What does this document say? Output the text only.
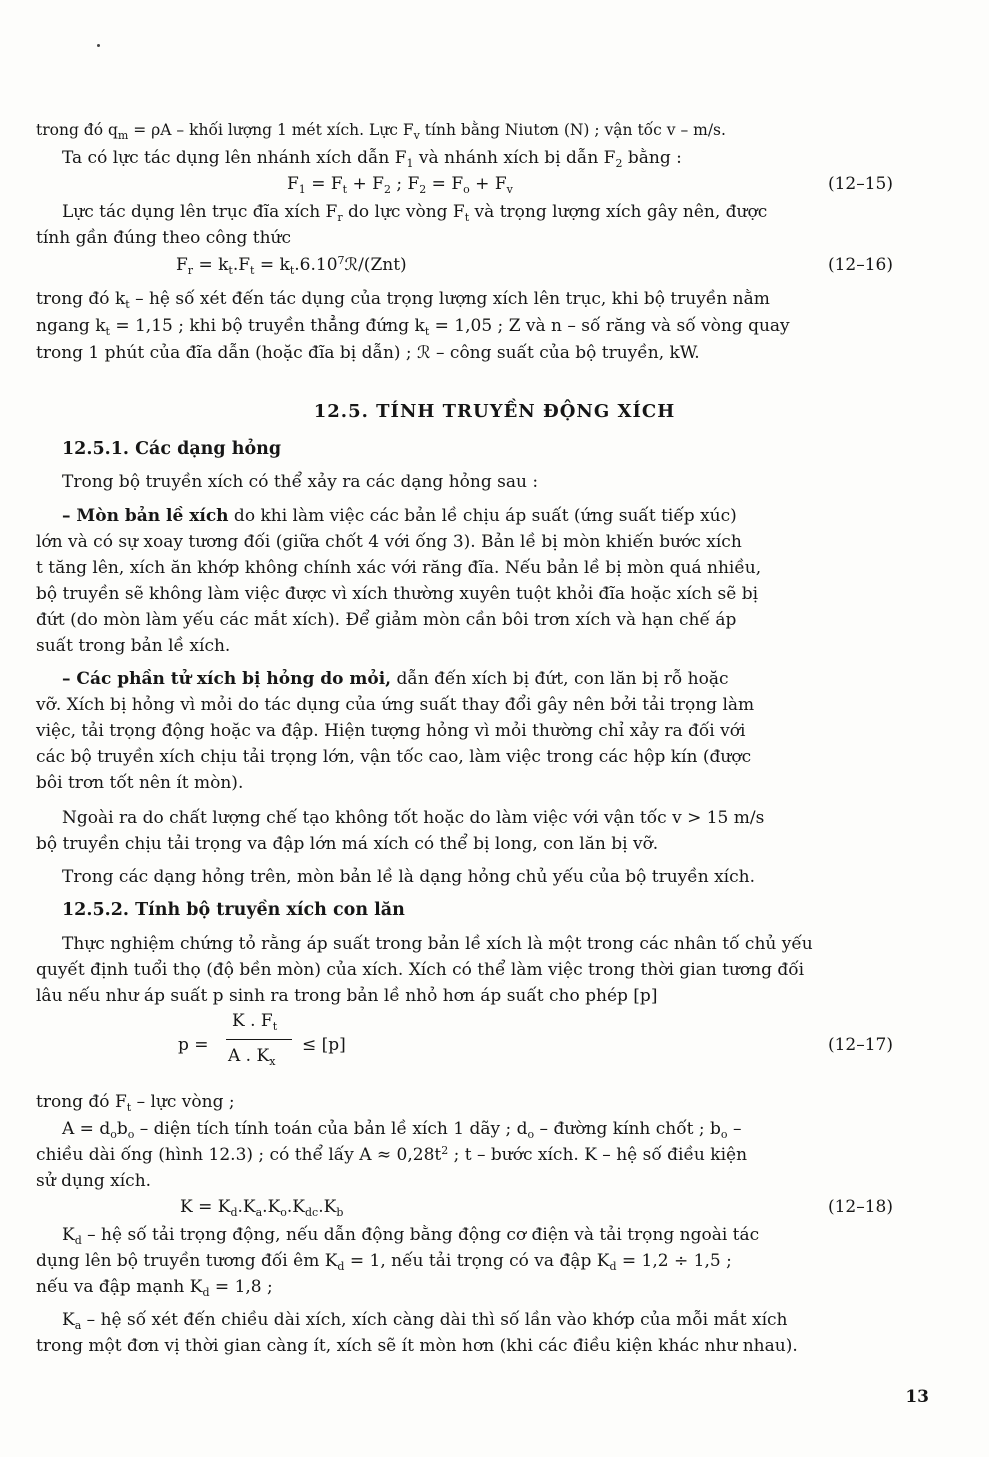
trong đó $q_m = \rho A$ – khối lượng 1 mét xích. Lực $F_v$ tính bằng Niutơn (N) ; vận tốc v – m/s.
Ta có lực tác dụng lên nhánh xích dẫn $F_1$ và nhánh xích bị dẫn $F_2$ bằng :
$F_1 = F_t + F_2$ ; $F_2 = F_o + F_v$	(12–15)
Lực tác dụng lên trục đĩa xích $F_r$ do lực vòng $F_t$ và trọng lượng xích gây nên, được
tính gần đúng theo công thức
$F_r = k_t.F_t$ = $k_t.6.10^7ℛ/(Znt)$	(12–16)
trong đó $k_t$ – hệ số xét đến tác dụng của trọng lượng xích lên trục, khi bộ truyền nằm
ngang $k_t = 1,15$ ; khi bộ truyền thẳng đứng $k_t = 1,05$ ; Z và n – số răng và số vòng quay
trong 1 phút của đĩa dẫn (hoặc đĩa bị dẫn) ; ℛ – công suất của bộ truyền, kW.
12.5. TÍNH TRUYỀN ĐỘNG XÍCH
12.5.1. Các dạng hỏng
Trong bộ truyền xích có thể xảy ra các dạng hỏng sau :
– Mòn bản lề xích do khi làm việc các bản lề chịu áp suất (ứng suất tiếp xúc)
lớn và có sự xoay tương đối (giữa chốt 4 với ống 3). Bản lề bị mòn khiến bước xích
t tăng lên, xích ăn khớp không chính xác với răng đĩa. Nếu bản lề bị mòn quá nhiều,
bộ truyền sẽ không làm việc được vì xích thường xuyên tuột khỏi đĩa hoặc xích sẽ bị
đứt (do mòn làm yếu các mắt xích). Để giảm mòn cần bôi trơn xích và hạn chế áp
suất trong bản lề xích.
– Các phần tử xích bị hỏng do mỏi, dẫn đến xích bị đứt, con lăn bị rỗ hoặc
vỡ. Xích bị hỏng vì mỏi do tác dụng của ứng suất thay đổi gây nên bởi tải trọng làm
việc, tải trọng động hoặc va đập. Hiện tượng hỏng vì mỏi thường chỉ xảy ra đối với
các bộ truyền xích chịu tải trọng lớn, vận tốc cao, làm việc trong các hộp kín (được
bôi trơn tốt nên ít mòn).
Ngoài ra do chất lượng chế tạo không tốt hoặc do làm việc với vận tốc v > 15 m/s
bộ truyền chịu tải trọng va đập lớn má xích có thể bị long, con lăn bị vỡ.
Trong các dạng hỏng trên, mòn bản lề là dạng hỏng chủ yếu của bộ truyền xích.
12.5.2. Tính bộ truyền xích con lăn
Thực nghiệm chứng tỏ rằng áp suất trong bản lề xích là một trong các nhân tố chủ yếu
quyết định tuổi thọ (độ bền mòn) của xích. Xích có thể làm việc trong thời gian tương đối
lâu nếu như áp suất p sinh ra trong bản lề nhỏ hơn áp suất cho phép [p]
p =
K . $F_t$
A . $K_x$
≤ [p]	(12–17)
trong đó $F_t$ – lực vòng ;
$A = d_ob_o$ – diện tích tính toán của bản lề xích 1 dãy ; $d_o$ – đường kính chốt ; $b_o$ –
chiều dài ống (hình 12.3) ; có thể lấy $A \approx 0,28t^2$ ; t – bước xích. K – hệ số điều kiện
sử dụng xích.
$K = K_d.K_a.K_o.K_{dc}.K_b$	(12–18)
$K_d$ – hệ số tải trọng động, nếu dẫn động bằng động cơ điện và tải trọng ngoài tác
dụng lên bộ truyền tương đối êm $K_d = 1$, nếu tải trọng có va đập $K_d = 1,2 \div 1,5$ ;
nếu va đập mạnh $K_d = 1,8$ ;
$K_a$ – hệ số xét đến chiều dài xích, xích càng dài thì số lần vào khớp của mỗi mắt xích
trong một đơn vị thời gian càng ít, xích sẽ ít mòn hơn (khi các điều kiện khác như nhau).
13
